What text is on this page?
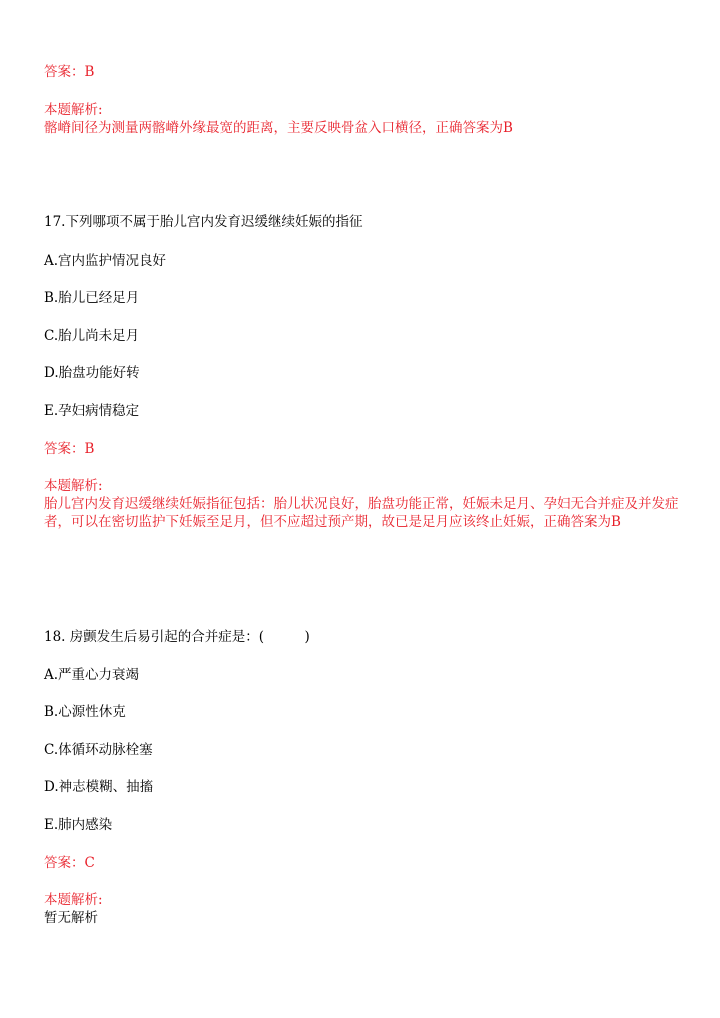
答案：B
本题解析:
髂嵴间径为测量两髂嵴外缘最宽的距离，主要反映骨盆入口横径，正确答案为B
17.下列哪项不属于胎儿宫内发育迟缓继续妊娠的指征
A.宫内监护情况良好
B.胎儿已经足月
C.胎儿尚未足月
D.胎盘功能好转
E.孕妇病情稳定
答案：B
本题解析:
胎儿宫内发育迟缓继续妊娠指征包括：胎儿状况良好，胎盘功能正常，妊娠未足月、孕妇无合并症及并发症者，可以在密切监护下妊娠至足月，但不应超过预产期，故已是足月应该终止妊娠，正确答案为B
18. 房颤发生后易引起的合并症是：(　　　)
A.严重心力衰竭
B.心源性休克
C.体循环动脉栓塞
D.神志模糊、抽搐
E.肺内感染
答案：C
本题解析:
暂无解析
